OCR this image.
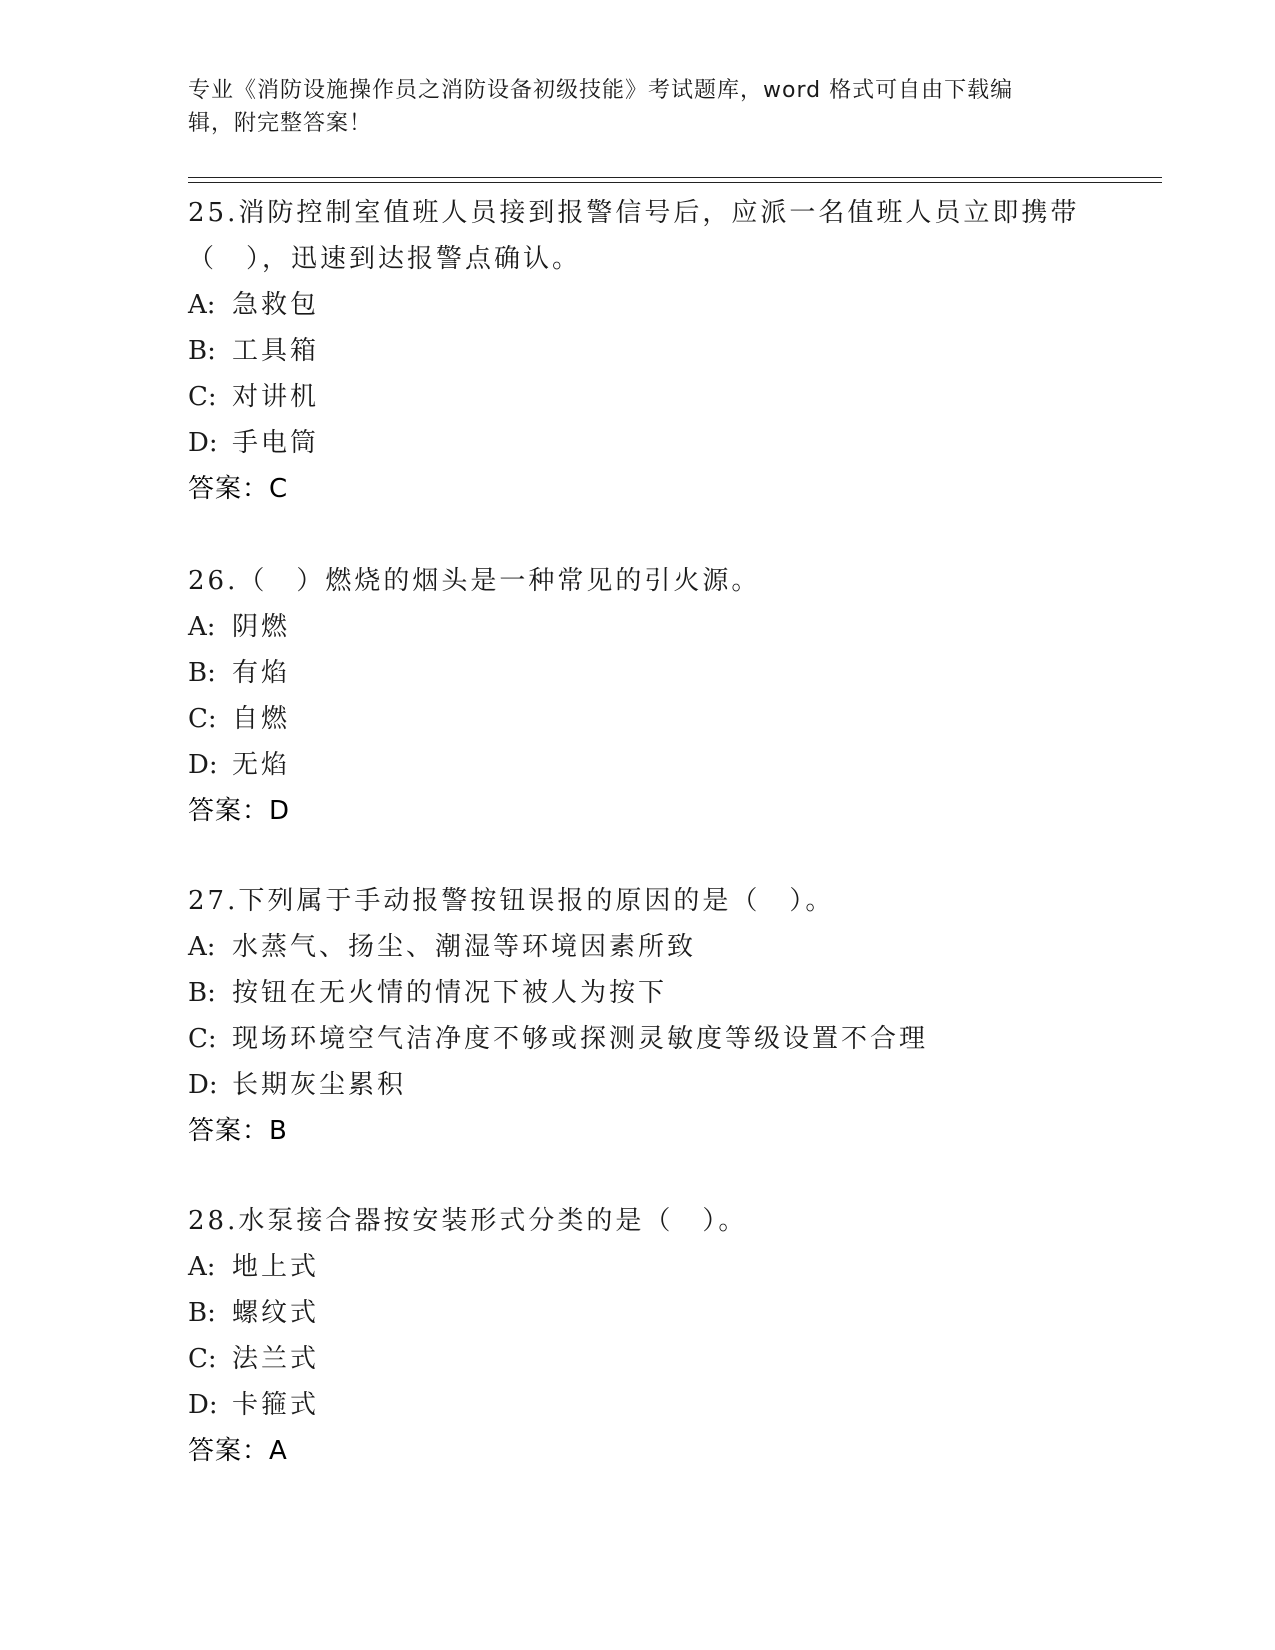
专业《消防设施操作员之消防设备初级技能》考试题库，word 格式可自由下载编
辑，附完整答案！

25.消防控制室值班人员接到报警信号后，应派一名值班人员立即携带

（　），迅速到达报警点确认。

A: 急救包

B: 工具箱

C: 对讲机

D: 手电筒

答案：C

26.（　）燃烧的烟头是一种常见的引火源。

A: 阴燃

B: 有焰

C: 自燃

D: 无焰

答案：D

27.下列属于手动报警按钮误报的原因的是（　）。

A: 水蒸气、扬尘、潮湿等环境因素所致

B: 按钮在无火情的情况下被人为按下

C: 现场环境空气洁净度不够或探测灵敏度等级设置不合理

D: 长期灰尘累积

答案：B

28.水泵接合器按安装形式分类的是（　）。

A: 地上式

B: 螺纹式

C: 法兰式

D: 卡箍式

答案：A
